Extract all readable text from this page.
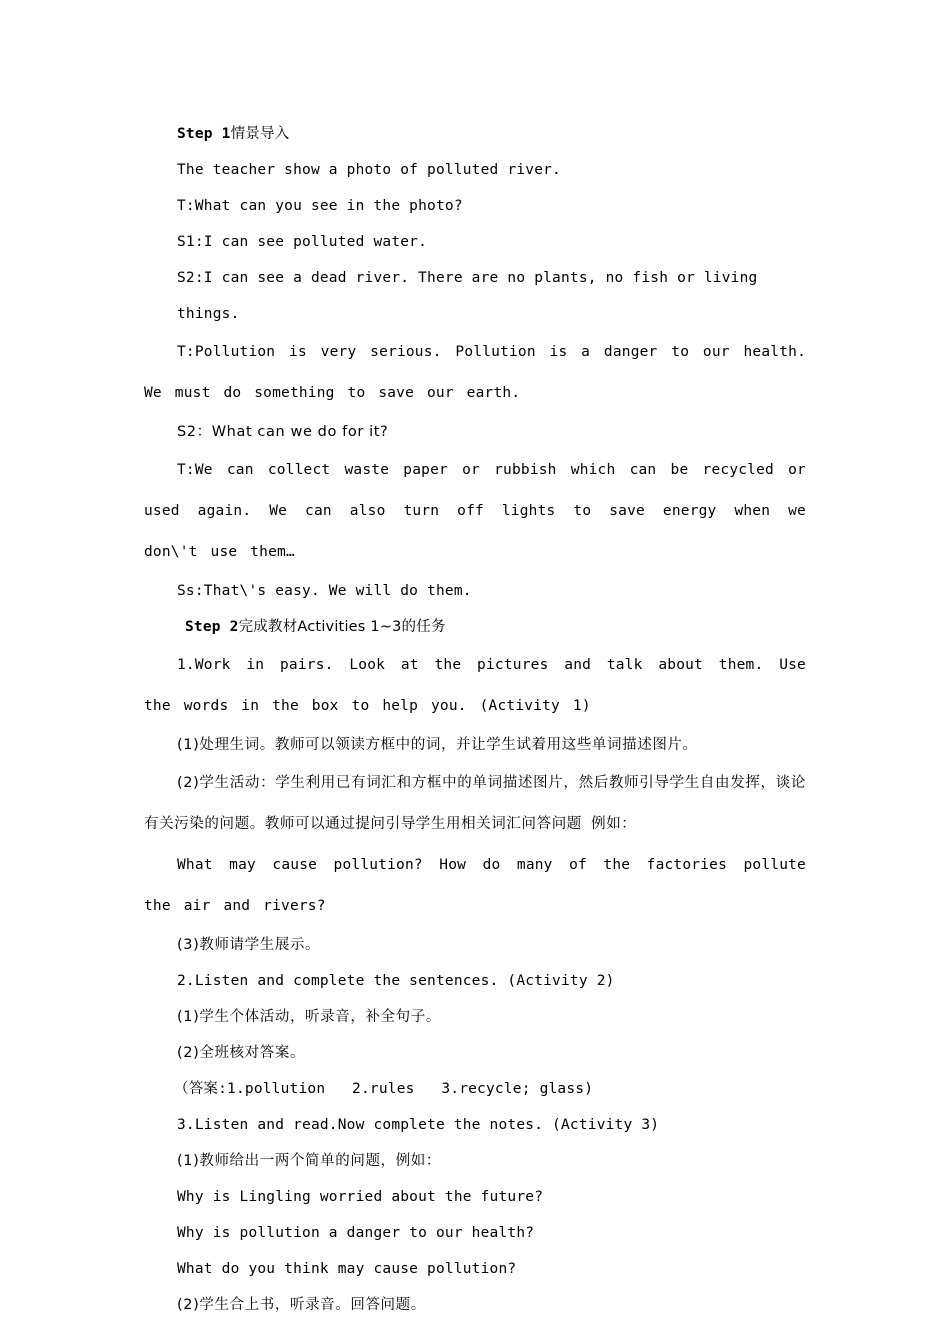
Step 1情景导入

The teacher show a photo of polluted river.

T:What can you see in the photo?

S1:I can see polluted water.

S2:I can see a dead river. There are no plants, no fish or living things.

T:Pollution is very serious. Pollution is a danger to our health. We must do something to save our earth.

S2：What can we do for it?

T:We can collect waste paper or rubbish which can be recycled or used again. We can also turn off lights to save energy when we don\'t use them…

Ss:That\'s easy. We will do them.

Step 2完成教材Activities 1~3的任务

1.Work in pairs. Look at the pictures and talk about them. Use the words in the box to help you. (Activity 1)

(1)处理生词。教师可以领读方框中的词，并让学生试着用这些单词描述图片。

(2)学生活动：学生利用已有词汇和方框中的单词描述图片，然后教师引导学生自由发挥，谈论有关污染的问题。教师可以通过提问引导学生用相关词汇问答问题 例如：

What may cause pollution? How do many of the factories pollute the air and rivers?

(3)教师请学生展示。

2.Listen and complete the sentences. (Activity 2)

(1)学生个体活动，听录音，补全句子。

(2)全班核对答案。

（答案:1.pollution   2.rules   3.recycle; glass)

3.Listen and read.Now complete the notes. (Activity 3)

(1)教师给出一两个简单的问题，例如：

Why is Lingling worried about the future?

Why is pollution a danger to our health?

What do you think may cause pollution?

(2)学生合上书，听录音。回答问题。
